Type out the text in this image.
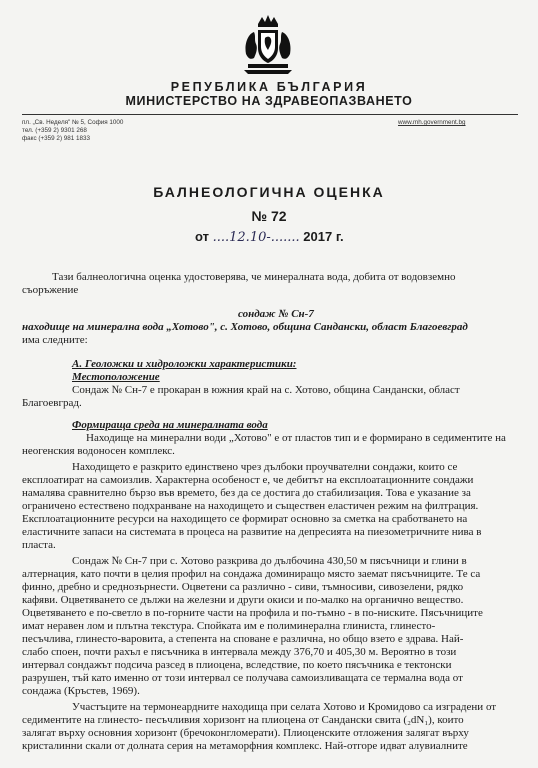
РЕПУБЛИКА БЪЛГАРИЯ
МИНИСТЕРСТВО НА ЗДРАВЕОПАЗВАНЕТО
пл. „Св. Неделя" № 5, София 1000
тел. (+359 2) 9301 268
факс (+359 2) 981 1833
www.mh.government.bg
БАЛНЕОЛОГИЧНА ОЦЕНКА
№ 72
от ....12.10-....... 2017 г.
Тази балнеологична оценка удостоверява, че минералната вода, добита от водовземно
съоръжение
сондаж № Сн-7
находище на минерална вода „Хотово", с. Хотово, община Сандански, област Благоевград
има следните:
А. Геоложки и хидроложки характеристики:
Местоположение
Сондаж № Сн-7 е прокаран в южния край на с. Хотово, община Сандански, област
Благоевград.
Формираща среда на минералната вода
Находище на минерални води „Хотово" е от пластов тип и е формирано в седиментите на
неогенския водоносен комплекс.
Находището е разкрито единствено чрез дълбоки проучвателни сондажи, които се
експлоатират на самоизлив. Характерна особеност е, че дебитът на експлоатационните сондажи
намалява сравнително бързо във времето, без да се достига до стабилизация. Това е указание за
ограничено естествено подхранване на находището и съществен еластичен режим на филтрация.
Експлоатационните ресурси на находището се формират основно за сметка на сработването на
еластичните запаси на системата в процеса на развитие на депресията на пиезометричните нива в
пласта.
Сондаж № Сн-7 при с. Хотово разкрива до дълбочина 430,50 м пясъчници и глини в
алтернация, като почти в целия профил на сондажа доминиращо място заемат пясъчниците. Те са
финно, дребно и среднозърнести. Оцветени са различно - сиви, тъмносиви, сивозелени, рядко
кафяви. Оцветяването се дължи на железни и други окиси и по-малко на органично вещество.
Оцветяването е по-светло в по-горните части на профила и по-тъмно - в по-ниските. Пясъчниците
имат неравен лом и плътна текстура. Спойката им е полиминерална глиниста, глинесто-
песъчлива, глинесто-варовита, а степента на споване е различна, но общо взето е здрава. Най-
слабо споен, почти рахъл е пясъчника в интервала между 376,70 и 405,30 м. Вероятно в този
интервал сондажът подсича разсед в плиоцена, вследствие, по което пясъчника е тектонски
разрушен, тъй като именно от този интервал се получава самоизливащата се термална вода от
сондажа (Кръстев, 1969).
Участъците на термонеардните находища при селата Хотово и Кромидово са изградени от
седиментите на глинесто- песъчливия хоризонт на плиоцена от Сандански свита (₂dN₁), които
залягат върху основния хоризонт (бречоконгломерати). Плиоценските отложения залягат върху
кристалинни скали от долната серия на метаморфния комплекс. Най-отгоре идват алувиалните
